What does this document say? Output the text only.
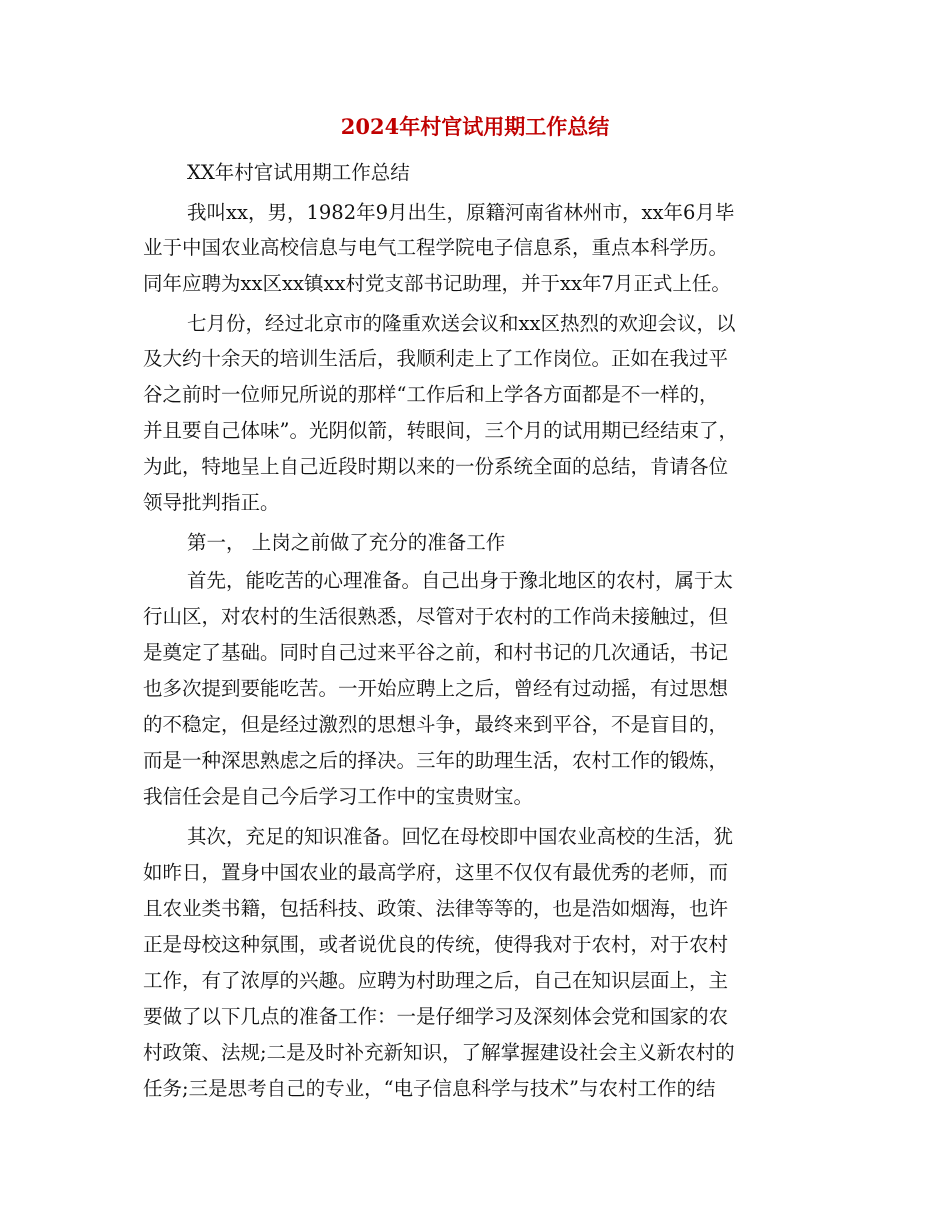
2024年村官试用期工作总结

XX年村官试用期工作总结

我叫xx，男，1982年9月出生，原籍河南省林州市，xx年6月毕

业于中国农业高校信息与电气工程学院电子信息系，重点本科学历。

同年应聘为xx区xx镇xx村党支部书记助理，并于xx年7月正式上任。

七月份，经过北京市的隆重欢送会议和xx区热烈的欢迎会议，以

及大约十余天的培训生活后，我顺利走上了工作岗位。正如在我过平

谷之前时一位师兄所说的那样“工作后和上学各方面都是不一样的，

并且要自己体味”。光阴似箭，转眼间，三个月的试用期已经结束了，

为此，特地呈上自己近段时期以来的一份系统全面的总结，肯请各位

领导批判指正。

第一， 上岗之前做了充分的准备工作

首先，能吃苦的心理准备。自己出身于豫北地区的农村，属于太

行山区，对农村的生活很熟悉，尽管对于农村的工作尚未接触过，但

是奠定了基础。同时自己过来平谷之前，和村书记的几次通话，书记

也多次提到要能吃苦。一开始应聘上之后，曾经有过动摇，有过思想

的不稳定，但是经过激烈的思想斗争，最终来到平谷，不是盲目的，

而是一种深思熟虑之后的择决。三年的助理生活，农村工作的锻炼，

我信任会是自己今后学习工作中的宝贵财宝。

其次，充足的知识准备。回忆在母校即中国农业高校的生活，犹

如昨日，置身中国农业的最高学府，这里不仅仅有最优秀的老师，而

且农业类书籍，包括科技、政策、法律等等的，也是浩如烟海，也许

正是母校这种氛围，或者说优良的传统，使得我对于农村，对于农村

工作，有了浓厚的兴趣。应聘为村助理之后，自己在知识层面上，主

要做了以下几点的准备工作：一是仔细学习及深刻体会党和国家的农

村政策、法规;二是及时补充新知识，了解掌握建设社会主义新农村的

任务;三是思考自己的专业，“电子信息科学与技术”与农村工作的结
